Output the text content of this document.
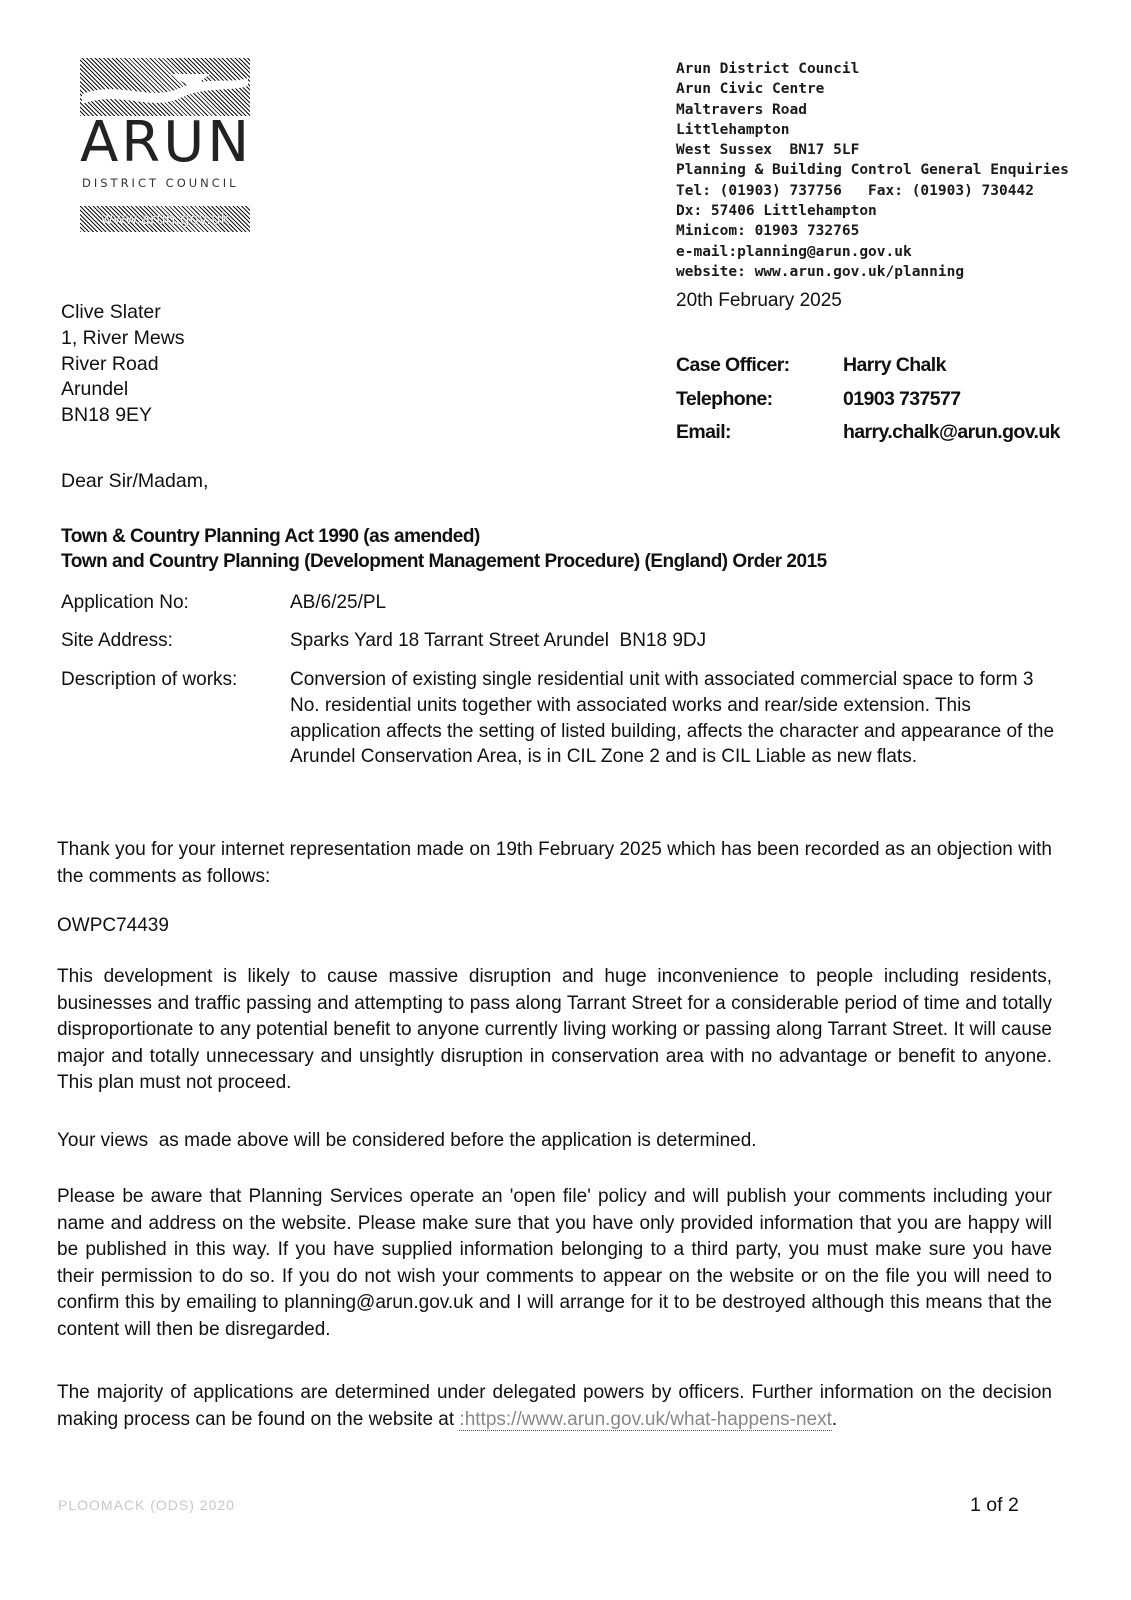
ARUN
DISTRICT COUNCIL
www.arun.gov.uk
Arun District Council
Arun Civic Centre
Maltravers Road
Littlehampton
West Sussex  BN17 5LF
Planning & Building Control General Enquiries
Tel: (01903) 737756   Fax: (01903) 730442
Dx: 57406 Littlehampton
Minicom: 01903 732765
e-mail:planning@arun.gov.uk
website: www.arun.gov.uk/planning
20th February 2025
Case Officer:	Harry Chalk
Telephone:	01903 737577
Email:	harry.chalk@arun.gov.uk
Clive Slater
1, River Mews
River Road
Arundel
BN18 9EY
Dear Sir/Madam,
Town & Country Planning Act 1990 (as amended)
Town and Country Planning (Development Management Procedure) (England) Order 2015
Application No:	AB/6/25/PL
Site Address:	Sparks Yard 18 Tarrant Street Arundel  BN18 9DJ
Description of works:	Conversion of existing single residential unit with associated commercial space to form 3 No. residential units together with associated works and rear/side extension. This application affects the setting of listed building, affects the character and appearance of the Arundel Conservation Area, is in CIL Zone 2 and is CIL Liable as new flats.
Thank you for your internet representation made on 19th February 2025 which has been recorded as an objection with the comments as follows:
OWPC74439
This development is likely to cause massive disruption and huge inconvenience to people including residents, businesses and traffic passing and attempting to pass along Tarrant Street for a considerable period of time and totally disproportionate to any potential benefit to anyone currently living working or passing along Tarrant Street. It will cause major and totally unnecessary and unsightly disruption in conservation area with no advantage or benefit to anyone. This plan must not proceed.
Your views  as made above will be considered before the application is determined.
Please be aware that Planning Services operate an 'open file' policy and will publish your comments including your name and address on the website. Please make sure that you have only provided information that you are happy will be published in this way. If you have supplied information belonging to a third party, you must make sure you have their permission to do so. If you do not wish your comments to appear on the website or on the file you will need to confirm this by emailing to planning@arun.gov.uk and I will arrange for it to be destroyed although this means that the content will then be disregarded.
The majority of applications are determined under delegated powers by officers. Further information on the decision making process can be found on the website at :https://www.arun.gov.uk/what-happens-next.
PLOOMACK (ODS) 2020	1 of 2
